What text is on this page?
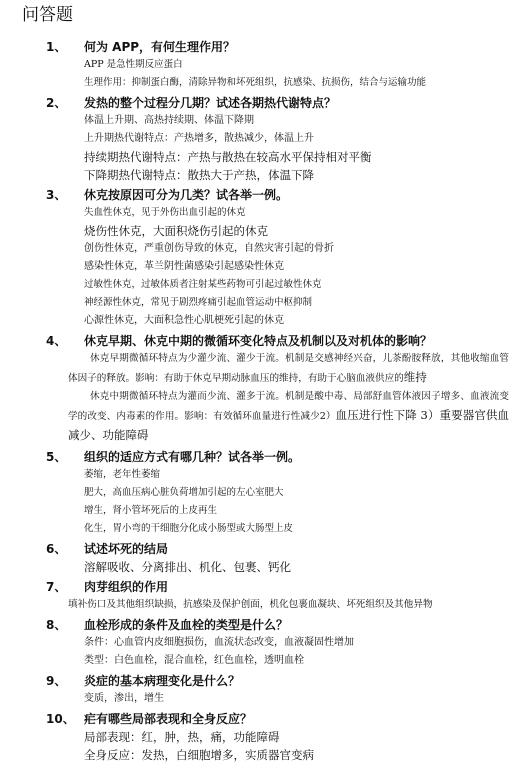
问答题
1、	何为 APP，有何生理作用？
APP 是急性期反应蛋白
生理作用：抑制蛋白酶，清除异物和坏死组织，抗感染、抗损伤，结合与运输功能
2、	发热的整个过程分几期？试述各期热代谢特点？
体温上升期、高热持续期、体温下降期
上升期热代谢特点：产热增多，散热减少，体温上升
持续期热代谢特点：产热与散热在较高水平保持相对平衡
下降期热代谢特点：散热大于产热，体温下降
3、	休克按原因可分为几类？试各举一例。
失血性休克，见于外伤出血引起的休克
烧伤性休克，大面积烧伤引起的休克
创伤性休克，严重创伤导致的休克，自然灾害引起的骨折
感染性休克，革兰阴性菌感染引起感染性休克
过敏性休克，过敏体质者注射某些药物可引起过敏性休克
神经源性休克，常见于剧烈疼痛引起血管运动中枢抑制
心源性休克，大面积急性心肌梗死引起的休克
4、	休克早期、休克中期的微循环变化特点及机制以及对机体的影响？
休克早期微循环特点为少灌少流、灌少于流。机制是交感神经兴奋，儿茶酚胺释放，其他收缩血管体因子的释放。影响：有助于休克早期动脉血压的维持，有助于心脑血液供应的维持
休克中期微循环特点为灌而少流、灌多于流。机制是酸中毒、局部舒血管体液因子增多、血液流变学的改变、内毒素的作用。影响：有效循环血量进行性减少2）血压进行性下降 3）重要器官供血减少、功能障碍
5、	组织的适应方式有哪几种？试各举一例。
萎缩，老年性萎缩
肥大，高血压病心脏负荷增加引起的左心室肥大
增生，肾小管坏死后的上皮再生
化生，胃小弯的干细胞分化成小肠型或大肠型上皮
6、	试述坏死的结局
溶解吸收、分离排出、机化、包裹、钙化
7、	肉芽组织的作用
填补伤口及其他组织缺损，抗感染及保护创面，机化包裹血凝块、坏死组织及其他异物
8、	血栓形成的条件及血栓的类型是什么？
条件：心血管内皮细胞损伤，血流状态改变，血液凝固性增加
类型：白色血栓，混合血栓，红色血栓，透明血栓
9、	炎症的基本病理变化是什么？
变质，渗出，增生
10、 疟有哪些局部表现和全身反应？
局部表现：红，肿，热，痛，功能障碍
全身反应：发热，白细胞增多，实质器官变病
